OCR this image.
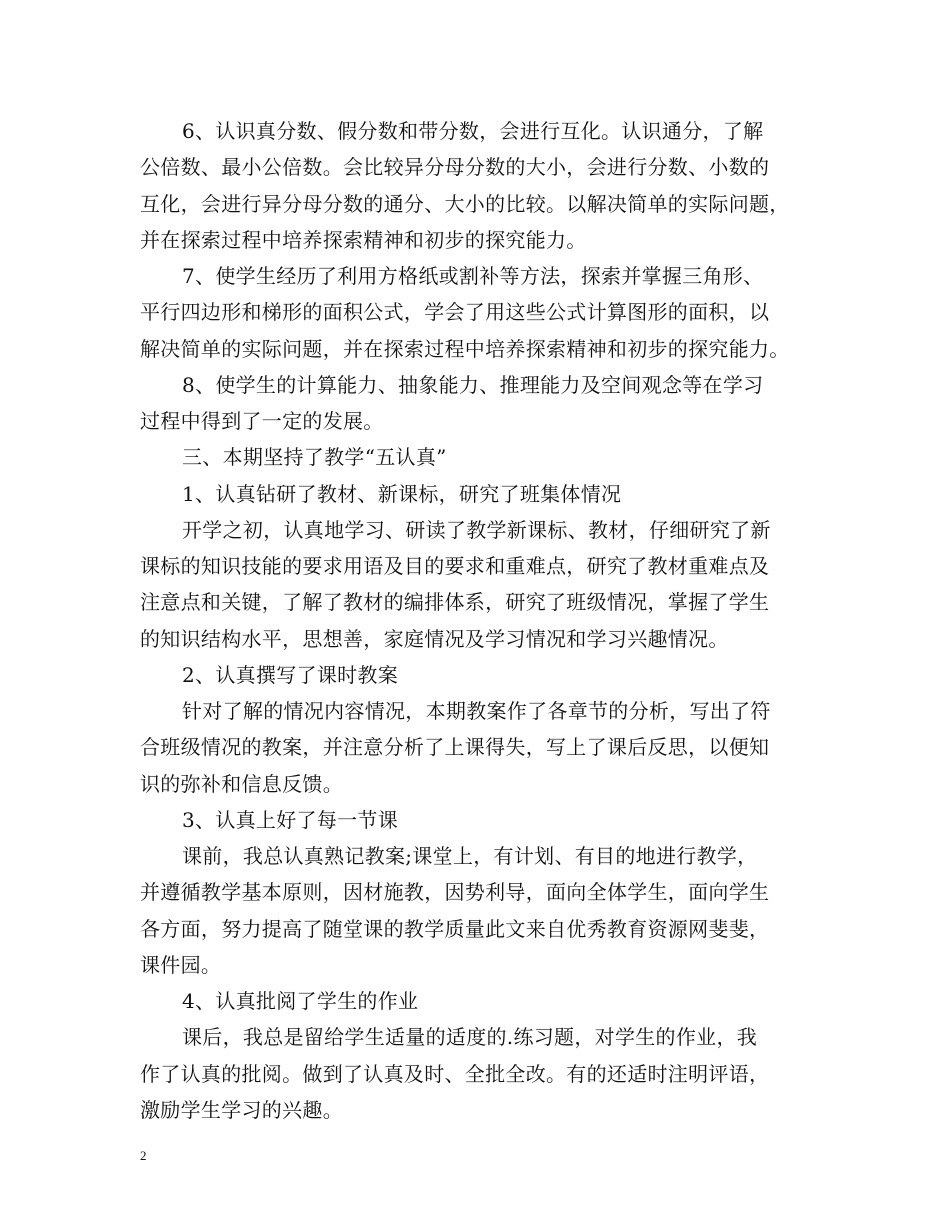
6、认识真分数、假分数和带分数，会进行互化。认识通分，了解
公倍数、最小公倍数。会比较异分母分数的大小，会进行分数、小数的
互化，会进行异分母分数的通分、大小的比较。以解决简单的实际问题，
并在探索过程中培养探索精神和初步的探究能力。
7、使学生经历了利用方格纸或割补等方法，探索并掌握三角形、
平行四边形和梯形的面积公式，学会了用这些公式计算图形的面积，以
解决简单的实际问题，并在探索过程中培养探索精神和初步的探究能力。
8、使学生的计算能力、抽象能力、推理能力及空间观念等在学习
过程中得到了一定的发展。
三、本期坚持了教学“五认真”
1、认真钻研了教材、新课标，研究了班集体情况
开学之初，认真地学习、研读了教学新课标、教材，仔细研究了新
课标的知识技能的要求用语及目的要求和重难点，研究了教材重难点及
注意点和关键，了解了教材的编排体系，研究了班级情况，掌握了学生
的知识结构水平，思想善，家庭情况及学习情况和学习兴趣情况。
2、认真撰写了课时教案
针对了解的情况内容情况，本期教案作了各章节的分析，写出了符
合班级情况的教案，并注意分析了上课得失，写上了课后反思，以便知
识的弥补和信息反馈。
3、认真上好了每一节课
课前，我总认真熟记教案;课堂上，有计划、有目的地进行教学，
并遵循教学基本原则，因材施教，因势利导，面向全体学生，面向学生
各方面，努力提高了随堂课的教学质量此文来自优秀教育资源网斐斐，
课件园。
4、认真批阅了学生的作业
课后，我总是留给学生适量的适度的.练习题，对学生的作业，我
作了认真的批阅。做到了认真及时、全批全改。有的还适时注明评语，
激励学生学习的兴趣。
2
